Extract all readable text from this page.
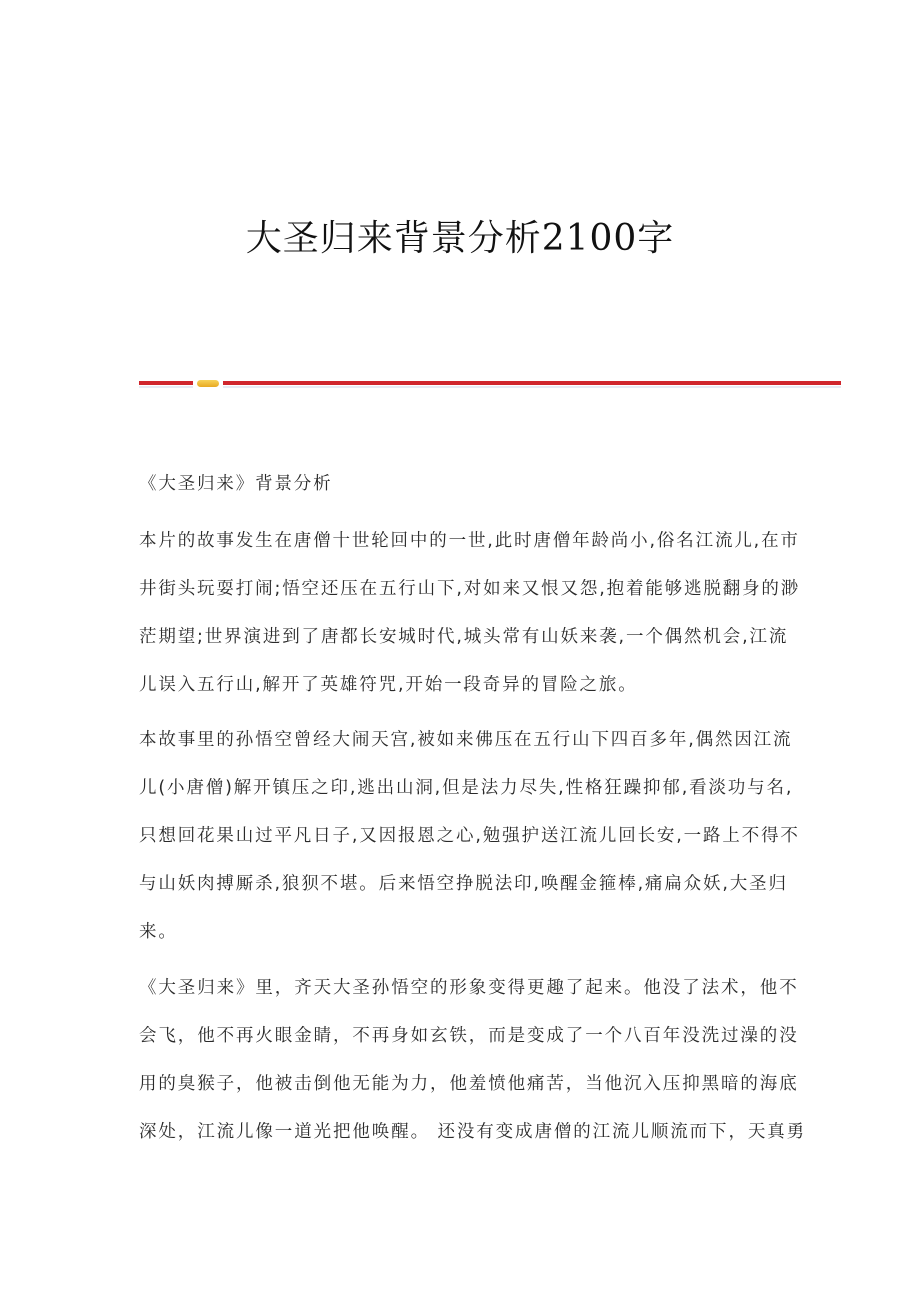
大圣归来背景分析2100字
《大圣归来》背景分析
本片的故事发生在唐僧十世轮回中的一世,此时唐僧年龄尚小,俗名江流儿,在市
井街头玩耍打闹;悟空还压在五行山下,对如来又恨又怨,抱着能够逃脱翻身的渺
茫期望;世界演进到了唐都长安城时代,城头常有山妖来袭,一个偶然机会,江流
儿误入五行山,解开了英雄符咒,开始一段奇异的冒险之旅。
本故事里的孙悟空曾经大闹天宫,被如来佛压在五行山下四百多年,偶然因江流
儿(小唐僧)解开镇压之印,逃出山洞,但是法力尽失,性格狂躁抑郁,看淡功与名,
只想回花果山过平凡日子,又因报恩之心,勉强护送江流儿回长安,一路上不得不
与山妖肉搏厮杀,狼狈不堪。后来悟空挣脱法印,唤醒金箍棒,痛扁众妖,大圣归
来。
《大圣归来》里，齐天大圣孙悟空的形象变得更趣了起来。他没了法术，他不
会飞，他不再火眼金睛，不再身如玄铁，而是变成了一个八百年没洗过澡的没
用的臭猴子，他被击倒他无能为力，他羞愤他痛苦，当他沉入压抑黑暗的海底
深处，江流儿像一道光把他唤醒。 还没有变成唐僧的江流儿顺流而下，天真勇
